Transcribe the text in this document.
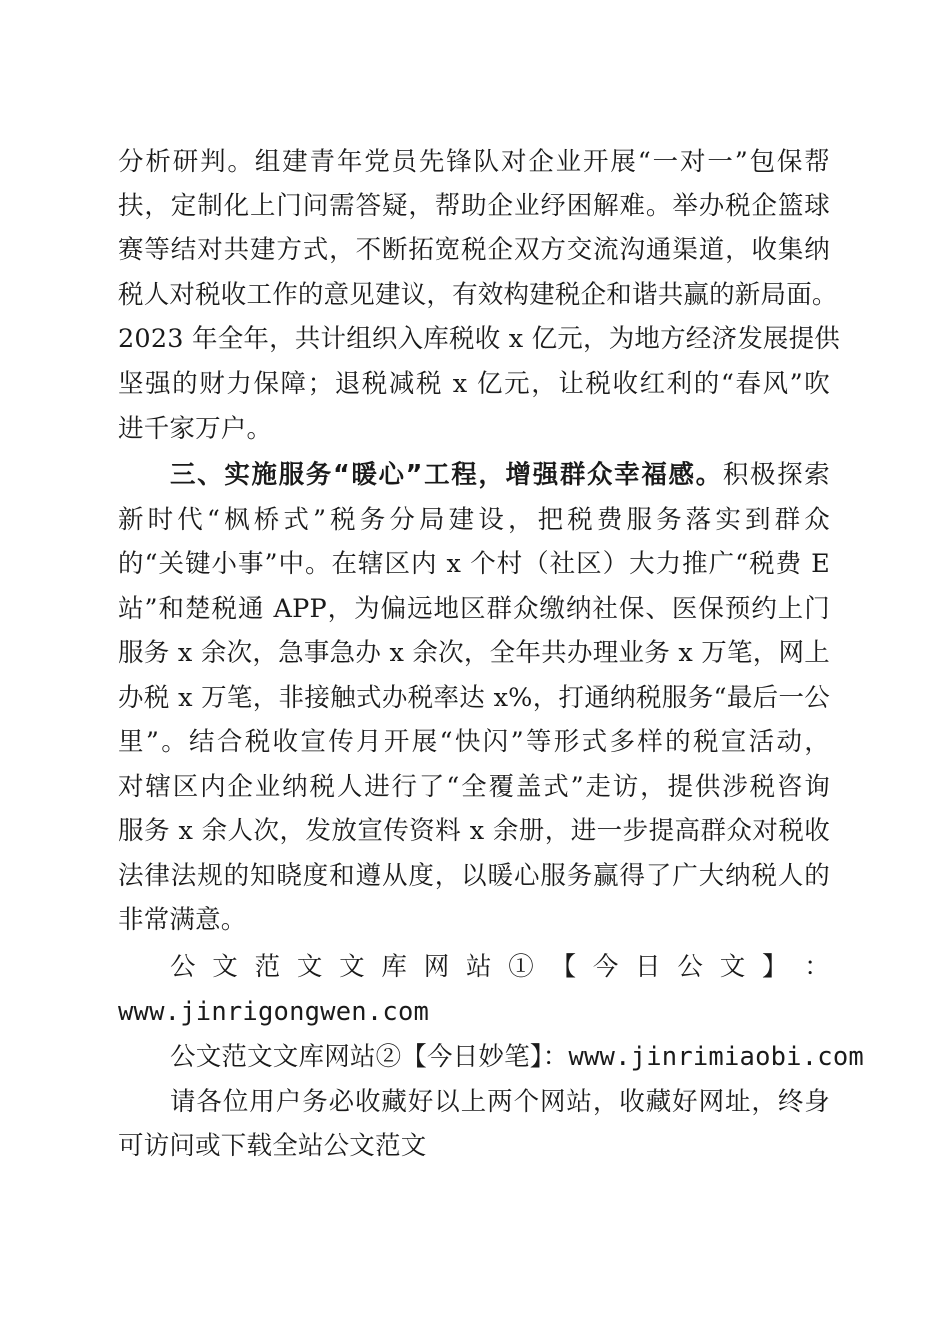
分析研判。组建青年党员先锋队对企业开展“一对一”包保帮
扶，定制化上门问需答疑，帮助企业纾困解难。举办税企篮球
赛等结对共建方式，不断拓宽税企双方交流沟通渠道，收集纳
税人对税收工作的意见建议，有效构建税企和谐共赢的新局面。
2023 年全年，共计组织入库税收 x 亿元，为地方经济发展提供
坚强的财力保障；退税减税 x 亿元，让税收红利的“春风”吹
进千家万户。
三、实施服务“暖心”工程，增强群众幸福感。积极探索
新时代“枫桥式”税务分局建设，把税费服务落实到群众
的“关键小事”中。在辖区内 x 个村（社区）大力推广“税费 E
站”和楚税通 APP，为偏远地区群众缴纳社保、医保预约上门
服务 x 余次，急事急办 x 余次，全年共办理业务 x 万笔，网上
办税 x 万笔，非接触式办税率达 x%，打通纳税服务“最后一公
里”。结合税收宣传月开展“快闪”等形式多样的税宣活动，
对辖区内企业纳税人进行了“全覆盖式”走访，提供涉税咨询
服务 x 余人次，发放宣传资料 x 余册，进一步提高群众对税收
法律法规的知晓度和遵从度，以暖心服务赢得了广大纳税人的
非常满意。
公 文 范 文 文 库 网 站 ① 【 今 日 公 文 】 ：
www.jinrigongwen.com
公文范文文库网站②【今日妙笔】：www.jinrimiaobi.com
请各位用户务必收藏好以上两个网站，收藏好网址，终身
可访问或下载全站公文范文
